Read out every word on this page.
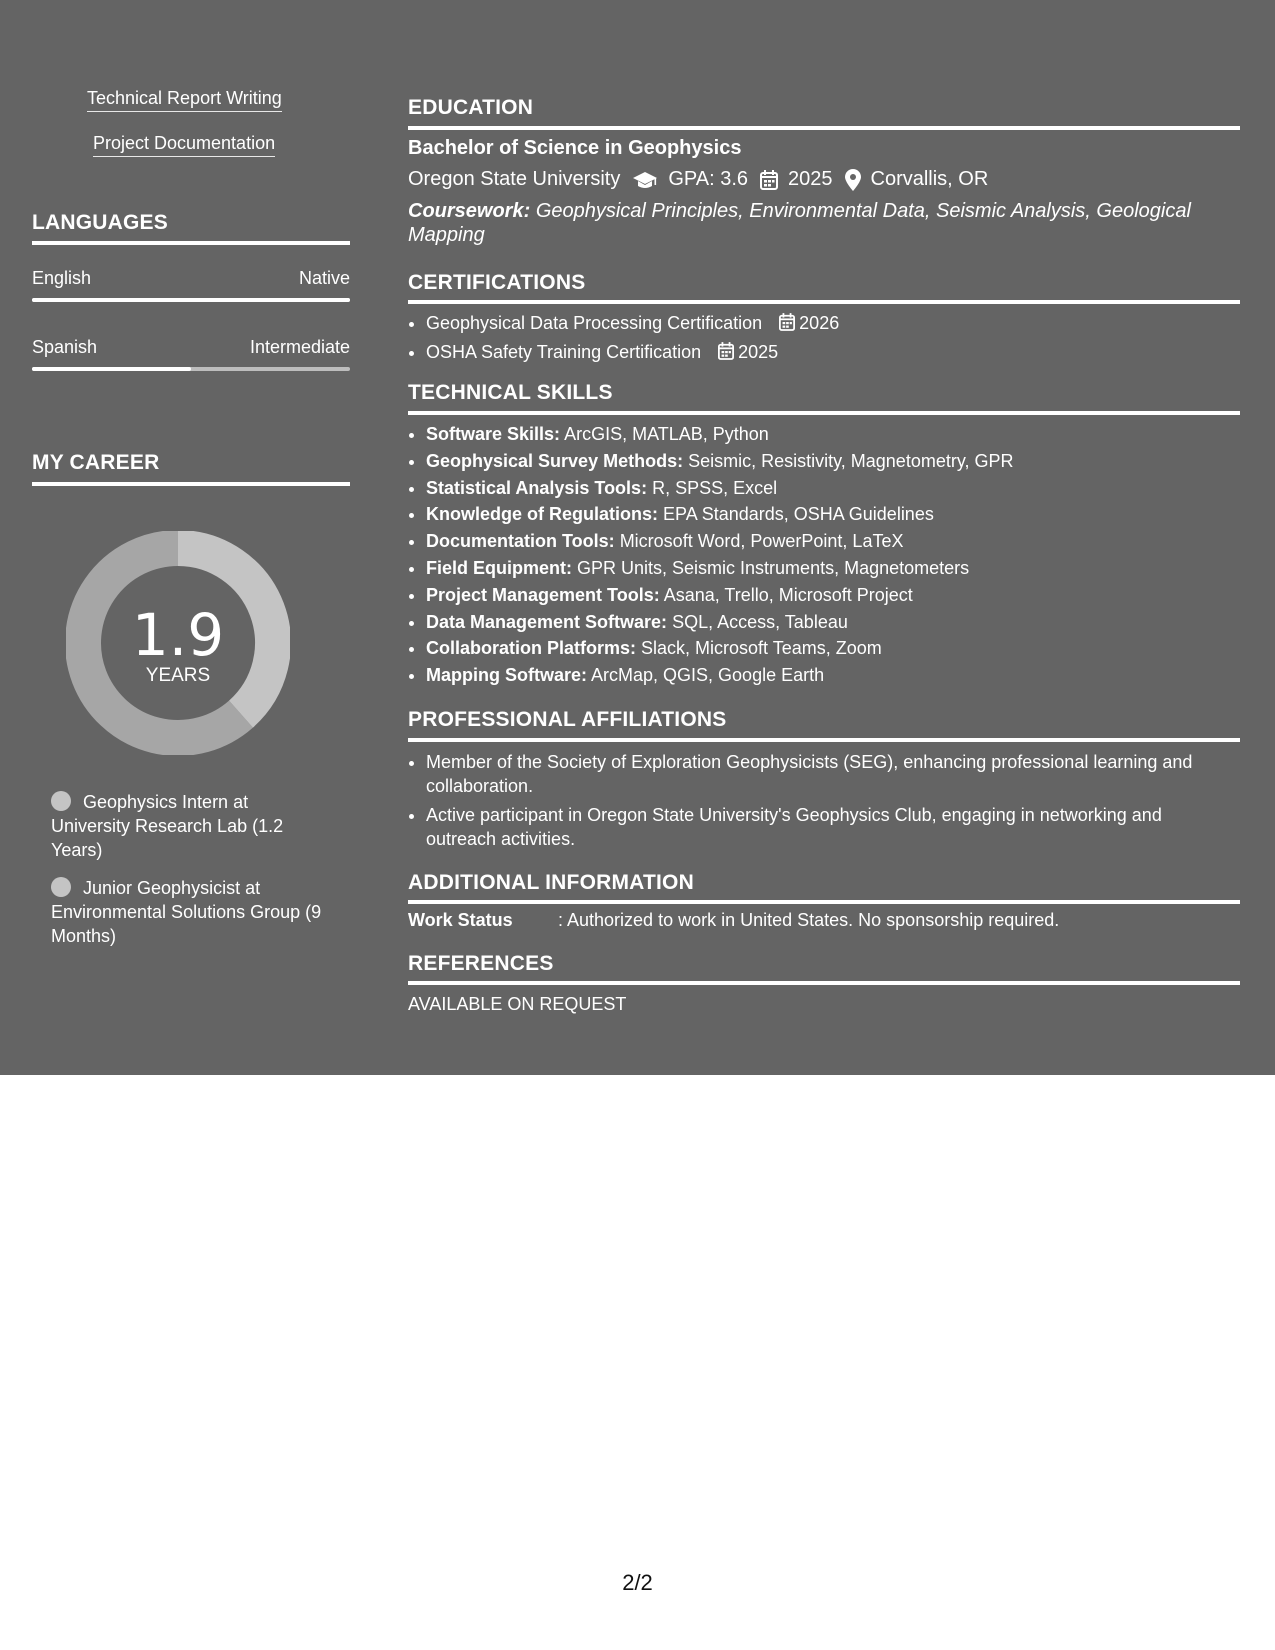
Technical Report Writing
Project Documentation
LANGUAGES
English	Native
Spanish	Intermediate
MY CAREER
1.9
YEARS
Geophysics Intern at University Research Lab (1.2 Years)
Junior Geophysicist at Environmental Solutions Group (9 Months)
EDUCATION
Bachelor of Science in Geophysics
Oregon State University GPA: 3.6 2025 Corvallis, OR
Coursework: Geophysical Principles, Environmental Data, Seismic Analysis, Geological Mapping
CERTIFICATIONS
• Geophysical Data Processing Certification 2026
• OSHA Safety Training Certification 2025
TECHNICAL SKILLS
• Software Skills: ArcGIS, MATLAB, Python
• Geophysical Survey Methods: Seismic, Resistivity, Magnetometry, GPR
• Statistical Analysis Tools: R, SPSS, Excel
• Knowledge of Regulations: EPA Standards, OSHA Guidelines
• Documentation Tools: Microsoft Word, PowerPoint, LaTeX
• Field Equipment: GPR Units, Seismic Instruments, Magnetometers
• Project Management Tools: Asana, Trello, Microsoft Project
• Data Management Software: SQL, Access, Tableau
• Collaboration Platforms: Slack, Microsoft Teams, Zoom
• Mapping Software: ArcMap, QGIS, Google Earth
PROFESSIONAL AFFILIATIONS
• Member of the Society of Exploration Geophysicists (SEG), enhancing professional learning and collaboration.
• Active participant in Oregon State University's Geophysics Club, engaging in networking and outreach activities.
ADDITIONAL INFORMATION
Work Status	: Authorized to work in United States. No sponsorship required.
REFERENCES
AVAILABLE ON REQUEST
2/2
